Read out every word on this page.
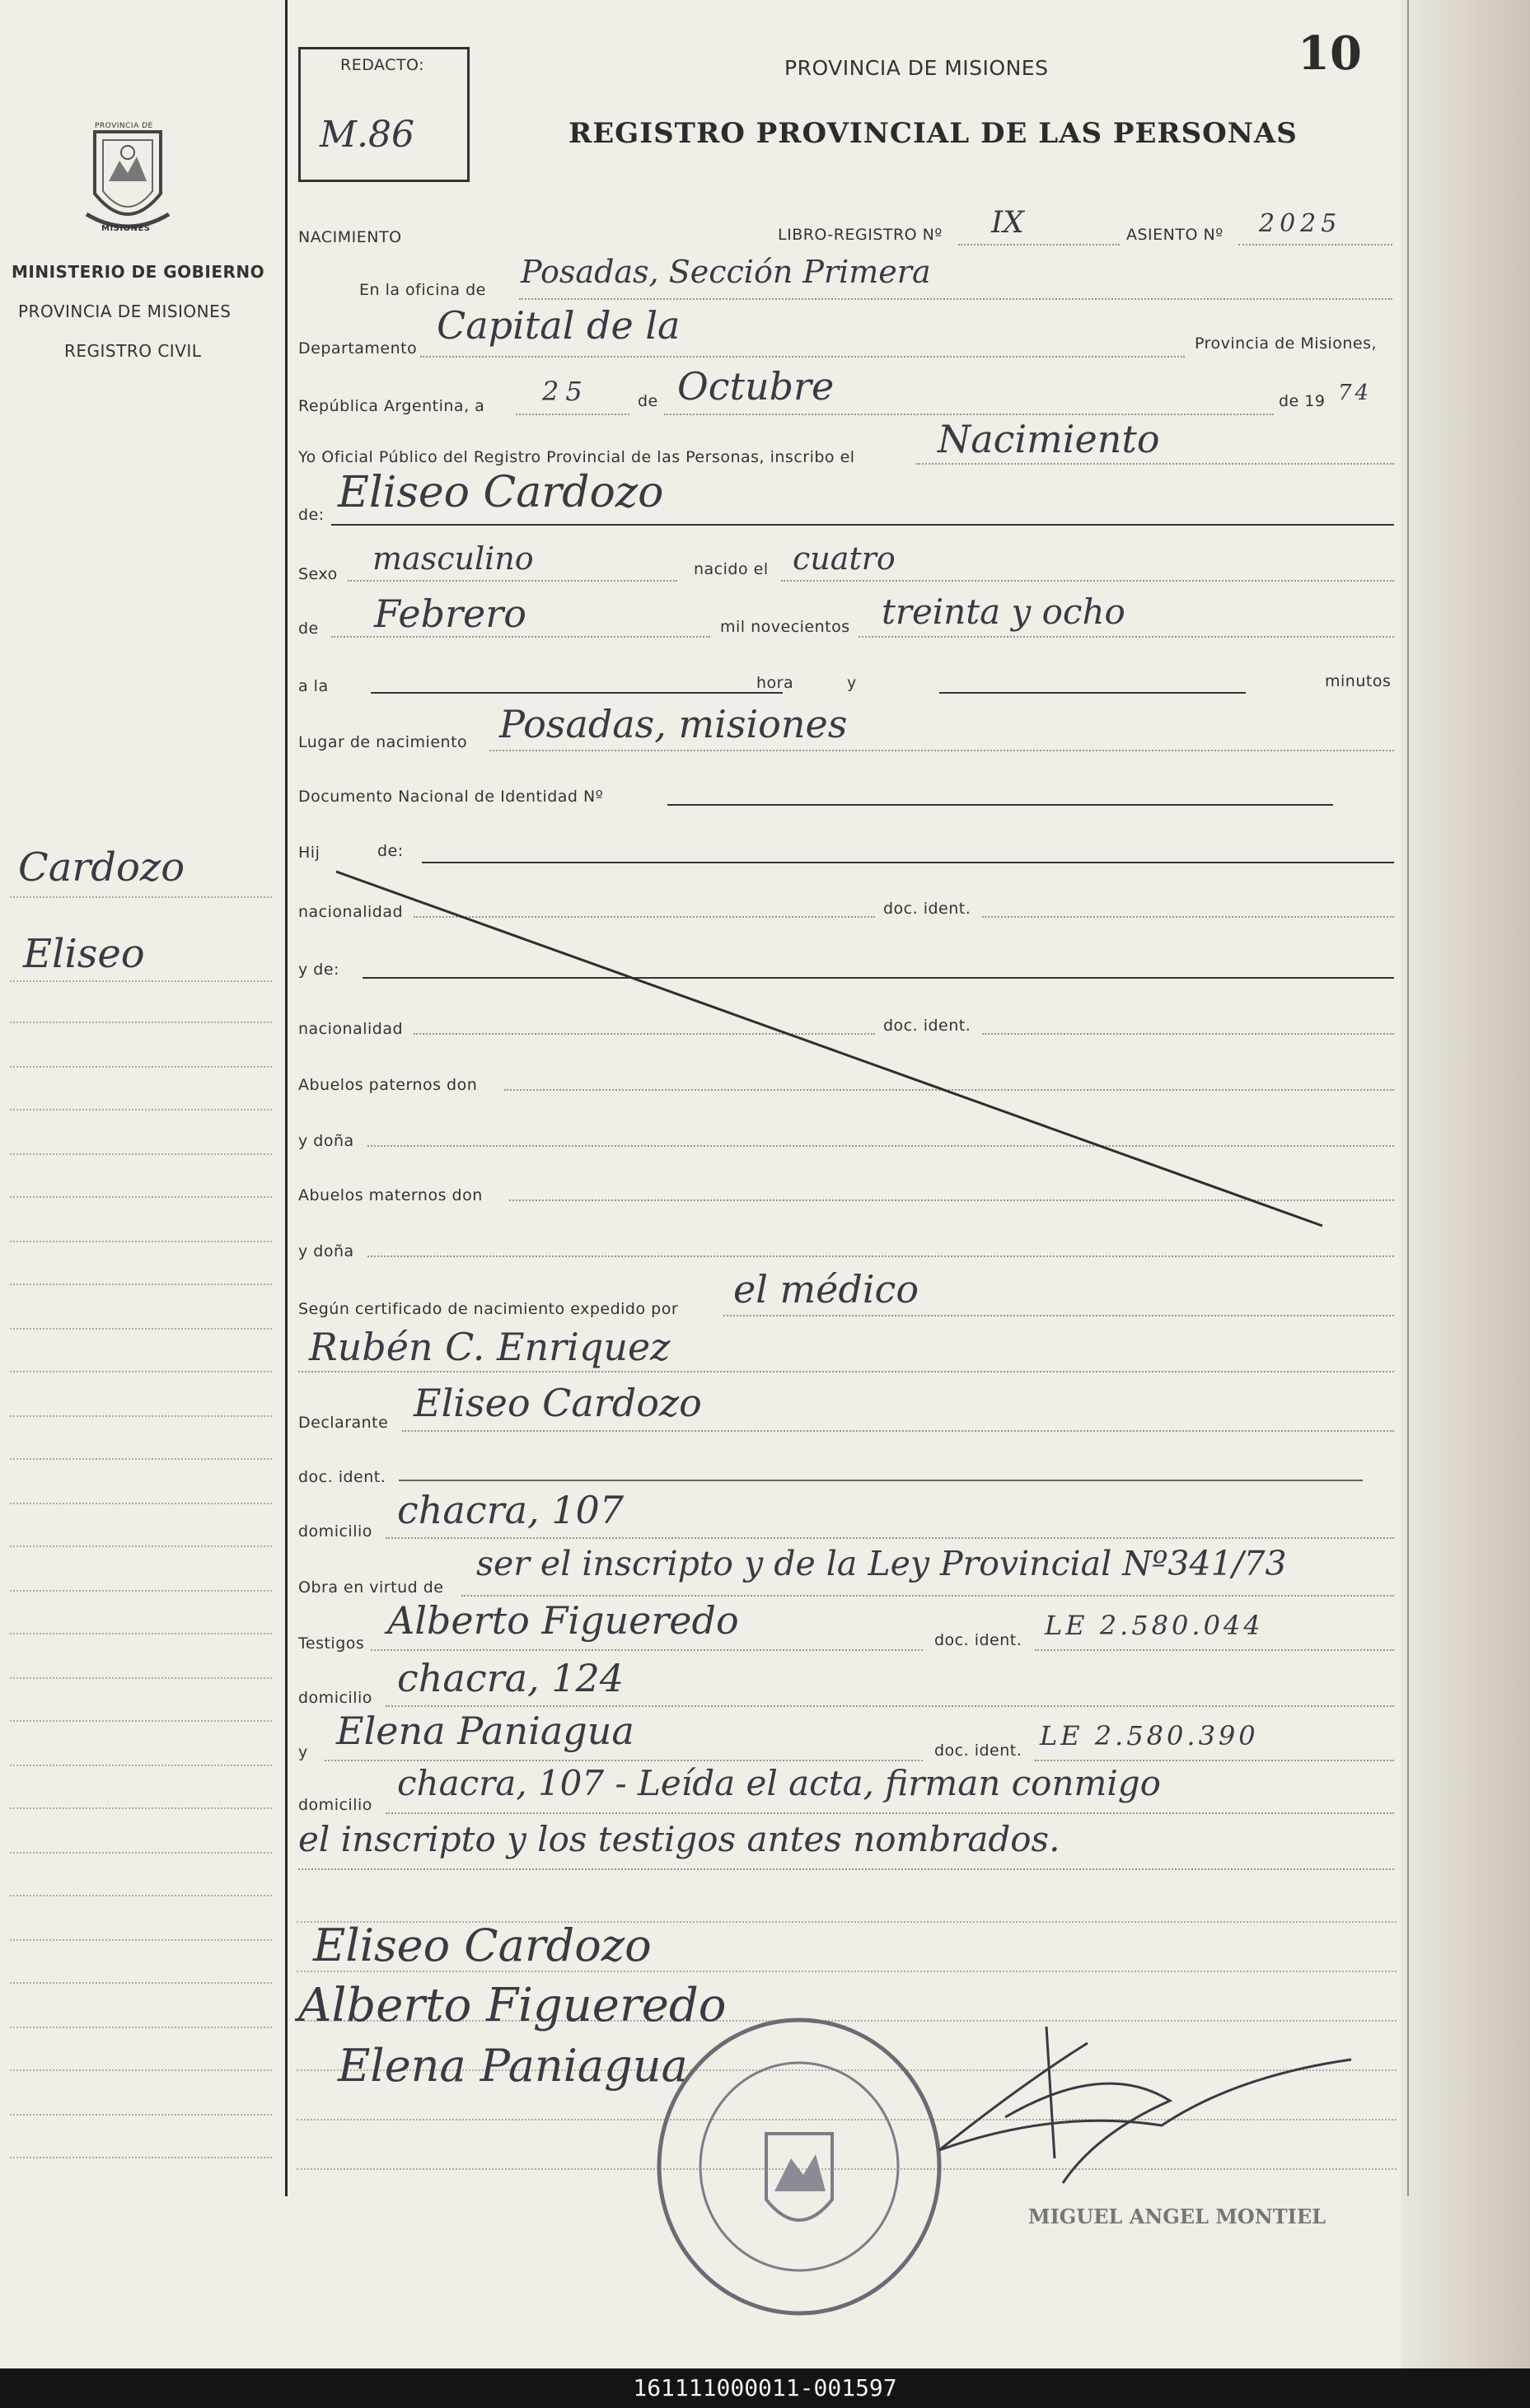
PROVINCIA DE
MISIONES
MINISTERIO DE GOBIERNO
PROVINCIA DE MISIONES
REGISTRO CIVIL
REDACTO:
M.86
PROVINCIA DE MISIONES
REGISTRO PROVINCIAL DE LAS PERSONAS
10
Cardozo
Eliseo
NACIMIENTO	LIBRO-REGISTRO Nº IX	ASIENTO Nº 2025
En la oficina de Posadas, Sección Primera
Departamento
Capital de la	Provincia de Misiones,
República Argentina, a 25	de Octubre	de 19 74
Yo Oficial Público del Registro Provincial de las Personas, inscribo el Nacimiento
de: Eliseo Cardozo
Sexo masculino	nacido el cuatro
de Febrero	mil novecientos treinta y ocho
a la	hora	y	minutos
Lugar de nacimiento Posadas, misiones
Documento Nacional de Identidad Nº
Hij	de:
nacionalidad	doc. ident.
y de:
nacionalidad	doc. ident.
Abuelos paternos don
y doña
Abuelos maternos don
y doña
Según certificado de nacimiento expedido por el médico
Rubén C. Enriquez
Declarante Eliseo Cardozo
doc. ident.
domicilio chacra, 107
Obra en virtud de
ser el inscripto y de la Ley Provincial Nº341/73
Testigos
Alberto Figueredo	doc. ident. LE 2.580.044
domicilio chacra, 124
y Elena Paniagua	doc. ident. LE 2.580.390
domicilio
chacra, 107 - Leída el acta, firman conmigo
el inscripto y los testigos antes nombrados.
Eliseo Cardozo
Alberto Figueredo
Elena Paniagua
MIGUEL ANGEL MONTIEL
161111000011-001597
